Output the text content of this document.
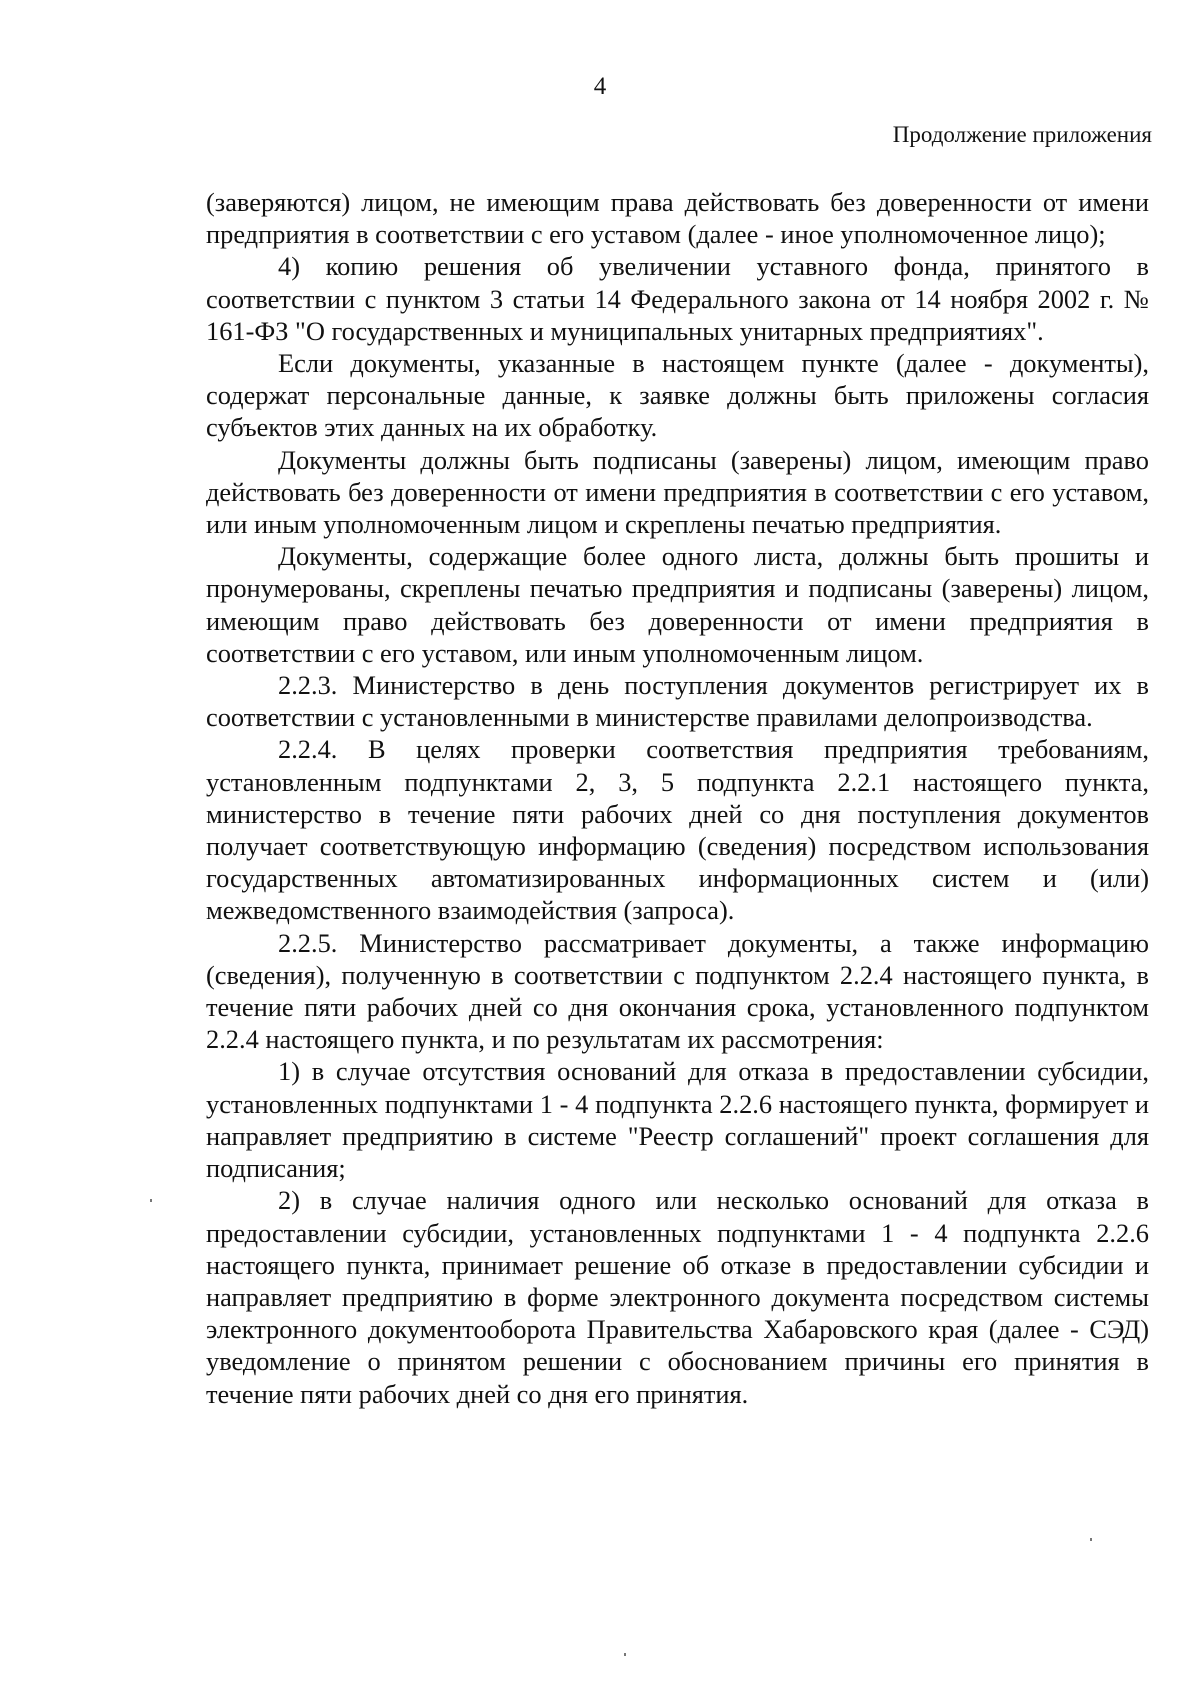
4
Продолжение приложения

(заверяются) лицом, не имеющим права действовать без доверенности от имени предприятия в соответствии с его уставом (далее - иное уполномоченное лицо);

4) копию решения об увеличении уставного фонда, принятого в соответствии с пунктом 3 статьи 14 Федерального закона от 14 ноября 2002 г. № 161-ФЗ "О государственных и муниципальных унитарных предприятиях".

Если документы, указанные в настоящем пункте (далее - документы), содержат персональные данные, к заявке должны быть приложены согласия субъектов этих данных на их обработку.

Документы должны быть подписаны (заверены) лицом, имеющим право действовать без доверенности от имени предприятия в соответствии с его уставом, или иным уполномоченным лицом и скреплены печатью предприятия.

Документы, содержащие более одного листа, должны быть прошиты и пронумерованы, скреплены печатью предприятия и подписаны (заверены) лицом, имеющим право действовать без доверенности от имени предприятия в соответствии с его уставом, или иным уполномоченным лицом.

2.2.3. Министерство в день поступления документов регистрирует их в соответствии с установленными в министерстве правилами делопроизводства.

2.2.4. В целях проверки соответствия предприятия требованиям, установленным подпунктами 2, 3, 5 подпункта 2.2.1 настоящего пункта, министерство в течение пяти рабочих дней со дня поступления документов получает соответствующую информацию (сведения) посредством использования государственных автоматизированных информационных систем и (или) межведомственного взаимодействия (запроса).

2.2.5. Министерство рассматривает документы, а также информацию (сведения), полученную в соответствии с подпунктом 2.2.4 настоящего пункта, в течение пяти рабочих дней со дня окончания срока, установленного подпунктом 2.2.4 настоящего пункта, и по результатам их рассмотрения:

1) в случае отсутствия оснований для отказа в предоставлении субсидии, установленных подпунктами 1 - 4 подпункта 2.2.6 настоящего пункта, формирует и направляет предприятию в системе "Реестр соглашений" проект соглашения для подписания;

2) в случае наличия одного или несколько оснований для отказа в предоставлении субсидии, установленных подпунктами 1 - 4 подпункта 2.2.6 настоящего пункта, принимает решение об отказе в предоставлении субсидии и направляет предприятию в форме электронного документа посредством системы электронного документооборота Правительства Хабаровского края (далее - СЭД) уведомление о принятом решении с обоснованием причины его принятия в течение пяти рабочих дней со дня его принятия.
